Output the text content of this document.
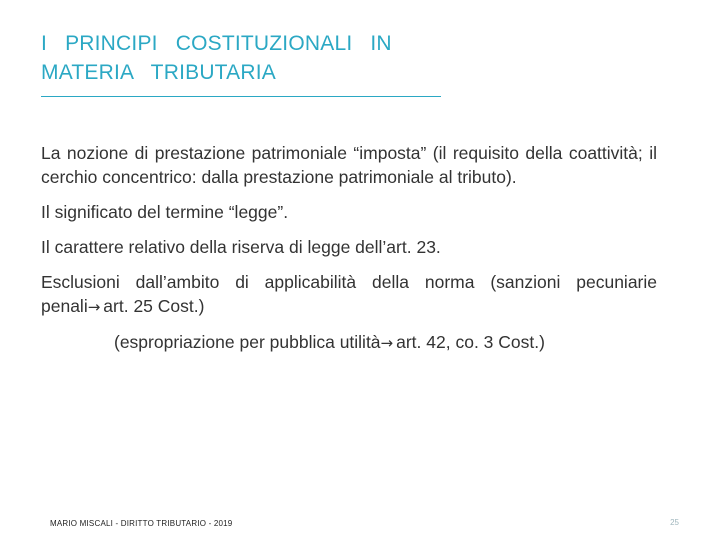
I PRINCIPI COSTITUZIONALI IN
MATERIA TRIBUTARIA

La nozione di prestazione patrimoniale “imposta” (il requisito della coattività; il cerchio concentrico: dalla prestazione patrimoniale al tributo).

Il significato del termine “legge”.

Il carattere relativo della riserva di legge dell’art. 23.

Esclusioni dall’ambito di applicabilità della norma (sanzioni pecuniarie penali→ art. 25 Cost.)

(espropriazione per pubblica utilità→ art. 42, co. 3 Cost.)

MARIO MISCALI - DIRITTO TRIBUTARIO - 2019	25
